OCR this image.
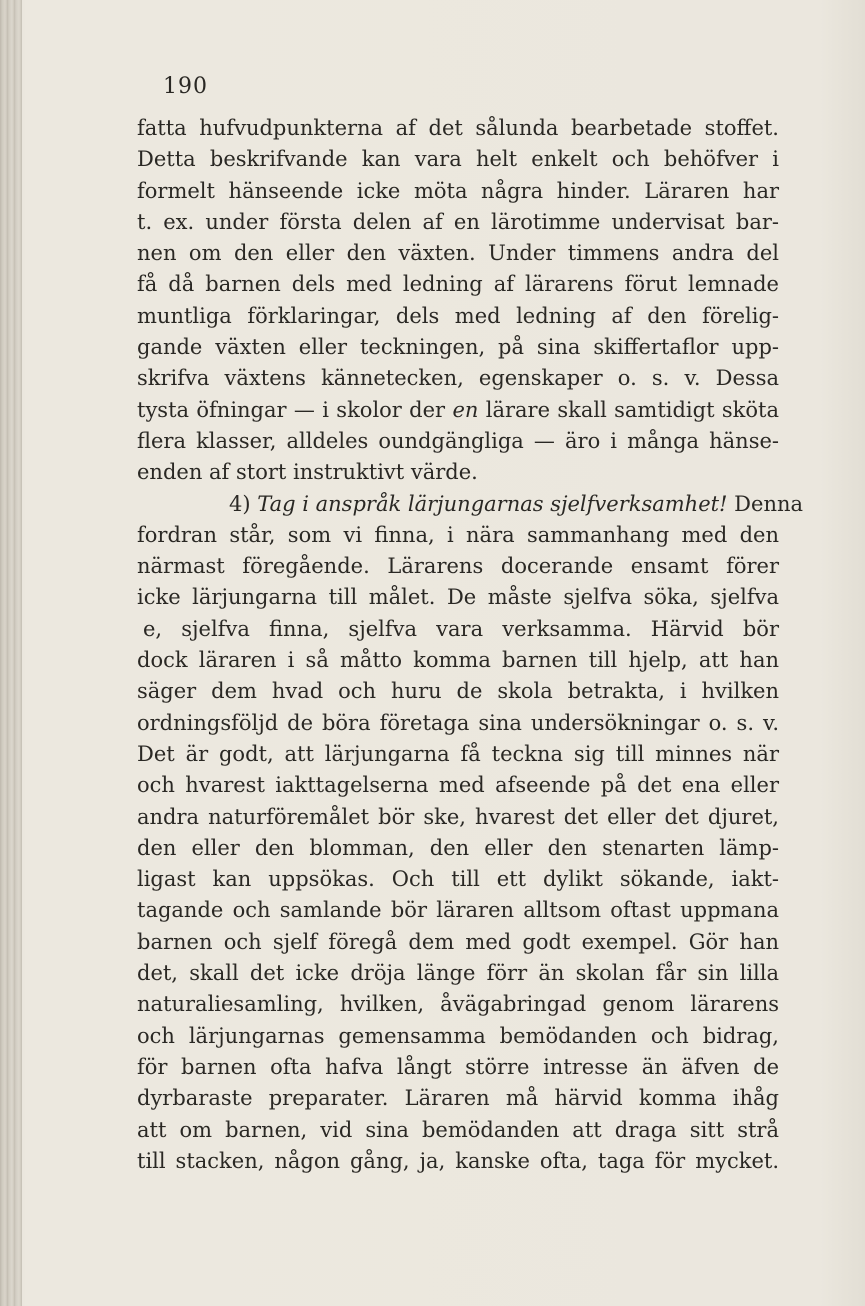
190
fatta hufvudpunkterna af det sålunda bearbetade stoffet.
Detta beskrifvande kan vara helt enkelt och behöfver i
formelt hänseende icke möta några hinder. Läraren har
t. ex. under första delen af en lärotimme undervisat bar-
nen om den eller den växten. Under timmens andra del
få då barnen dels med ledning af lärarens förut lemnade
muntliga förklaringar, dels med ledning af den förelig-
gande växten eller teckningen, på sina skiffertaflor upp-
skrifva växtens kännetecken, egenskaper o. s. v. Dessa
tysta öfningar — i skolor der en lärare skall samtidigt sköta
flera klasser, alldeles oundgängliga — äro i många hänse-
enden af stort instruktivt värde.
4) Tag i anspråk lärjungarnas sjelfverksamhet! Denna
fordran står, som vi finna, i nära sammanhang med den
närmast föregående. Lärarens docerande ensamt förer
icke lärjungarna till målet. De måste sjelfva söka, sjelfva
e, sjelfva finna, sjelfva vara verksamma. Härvid bör
dock läraren i så mått​o komma barnen till hjelp, att han
säger dem hvad och huru de skola betrakta, i hvilken
ordningsföljd de böra företaga sina undersökningar o. s. v.
Det är godt, att lärjungarna få teckna sig till minnes när
och hvarest iakttagelserna med afseende på det ena eller
andra naturföremålet bör ske, hvarest det eller det djuret,
den eller den blomman, den eller den stenarten lämp-
ligast kan uppsökas. Och till ett dylikt sökande, iakt-
tagande och samlande bör läraren alltsom oftast uppmana
barnen och sjelf föregå dem med godt exempel. Gör han
det, skall det icke dröja länge förr än skolan får sin lilla
naturaliesamling, hvilken, åvägabringad genom lärarens
och lärjungarnas gemensamma bemödanden och bidrag,
för barnen ofta hafva långt större intresse än äfven de
dyrbaraste preparater. Läraren må härvid komma ihåg
att om barnen, vid sina bemödanden att draga sitt strå
till stacken, någon gång, ja, kanske ofta, taga för mycket.
